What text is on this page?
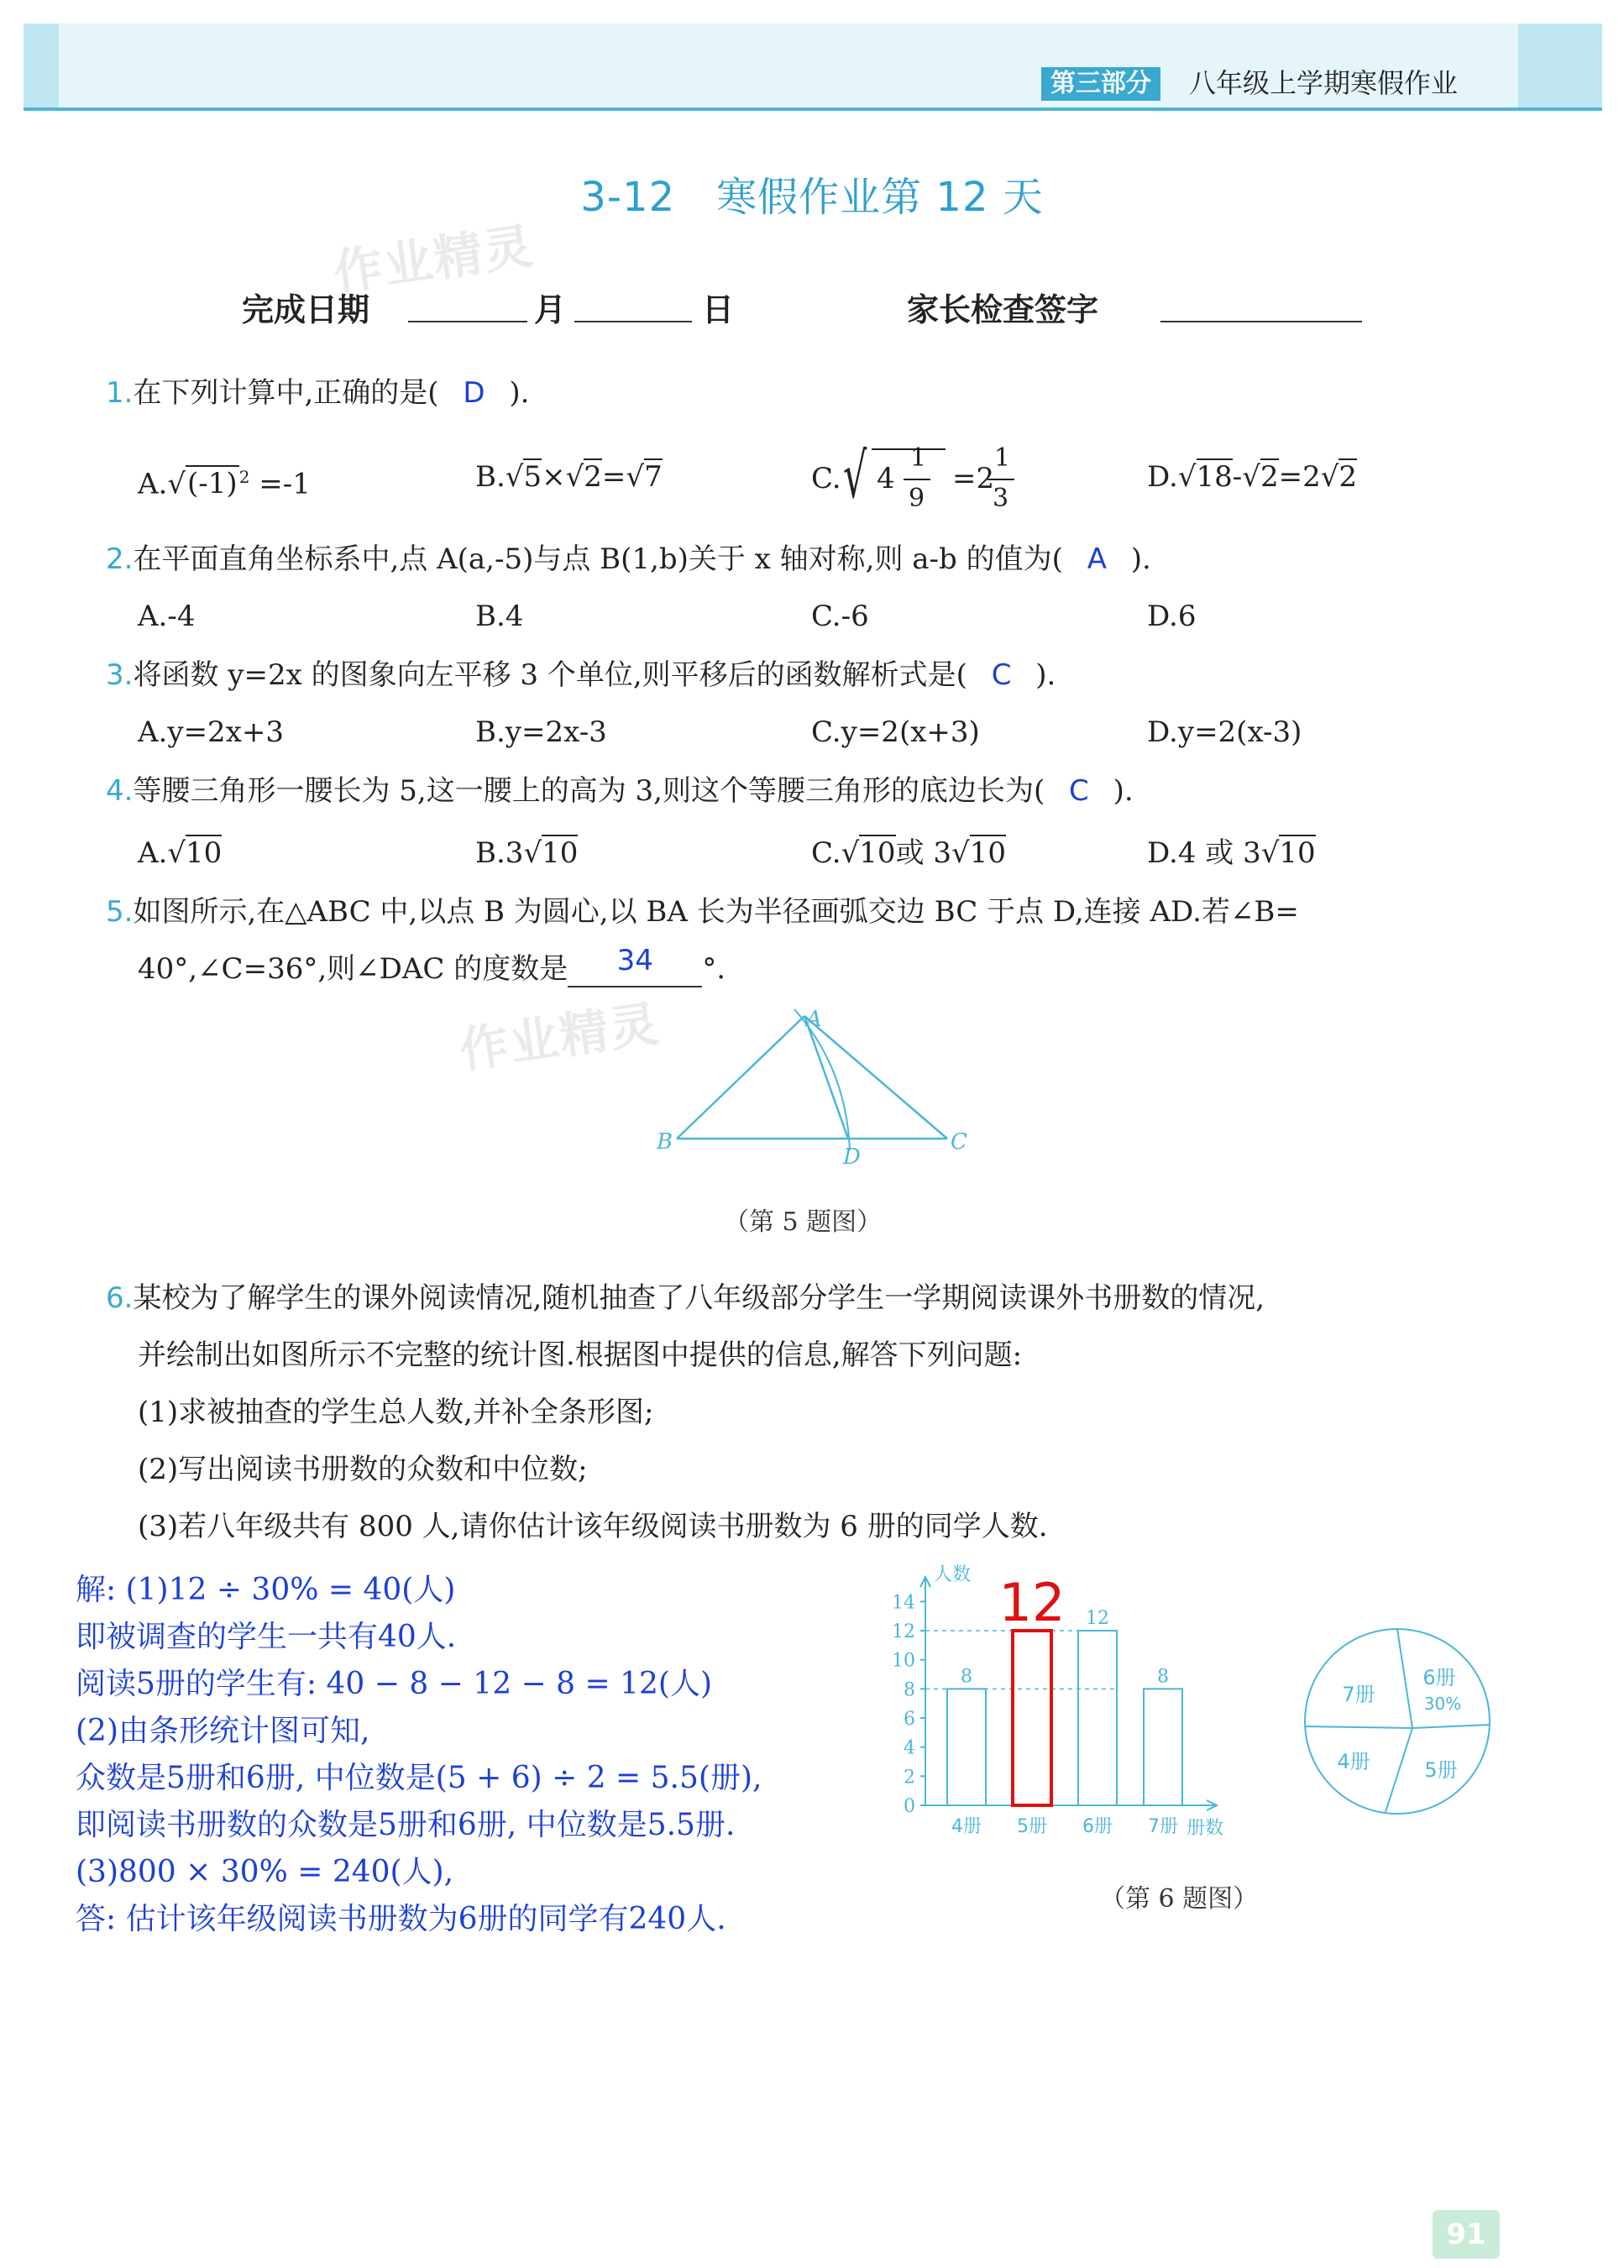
第三部分	八年级上学期寒假作业
3-12　寒假作业第 12 天
作业精灵
作业精灵
完成日期	月	日	家长检查签字
1.在下列计算中,正确的是( D ).
A.√(-1) $^2$ =-1	B.√5×√2=√7	C. √ 4
1
9
=2
1
3
D.√18-√2=2√2
2.在平面直角坐标系中,点 A(a,-5)与点 B(1,b)关于 x 轴对称,则 a-b 的值为( A ).
A.-4	B.4	C.-6	D.6
3.将函数 y=2x 的图象向左平移 3 个单位,则平移后的函数解析式是( C ).
A.y=2x+3	B.y=2x-3	C.y=2(x+3)	D.y=2(x-3)
4.等腰三角形一腰长为 5,这一腰上的高为 3,则这个等腰三角形的底边长为( C ).
A.√10	B.3√10	C.√10或 3√10	D.4 或 3√10
5.如图所示,在△ABC 中,以点 B 为圆心,以 BA 长为半径画弧交边 BC 于点 D,连接 AD.若∠B=
40°,∠C=36°,则∠DAC 的度数是	34	°.
A
B	C
D
（第 5 题图）
6.某校为了解学生的课外阅读情况,随机抽查了八年级部分学生一学期阅读课外书册数的情况,
并绘制出如图所示不完整的统计图.根据图中提供的信息,解答下列问题:
(1)求被抽查的学生总人数,并补全条形图;
(2)写出阅读书册数的众数和中位数;
(3)若八年级共有 800 人,请你估计该年级阅读书册数为 6 册的同学人数.
解: (1)12 ÷ 30% = 40(人)
即被调查的学生一共有40人.
阅读5册的学生有: 40 − 8 − 12 − 8 = 12(人)
(2)由条形统计图可知,
众数是5册和6册, 中位数是(5 + 6) ÷ 2 = 5.5(册),
即阅读书册数的众数是5册和6册, 中位数是5.5册.
(3)800 × 30% = 240(人),
答: 估计该年级阅读书册数为6册的同学有240人.
0
2
4
6
8
10
12
14
人数
册数
8
4册 5册
12 12
6册
8
7册
6册
30%
7册
4册	5册
（第 6 题图）
91
